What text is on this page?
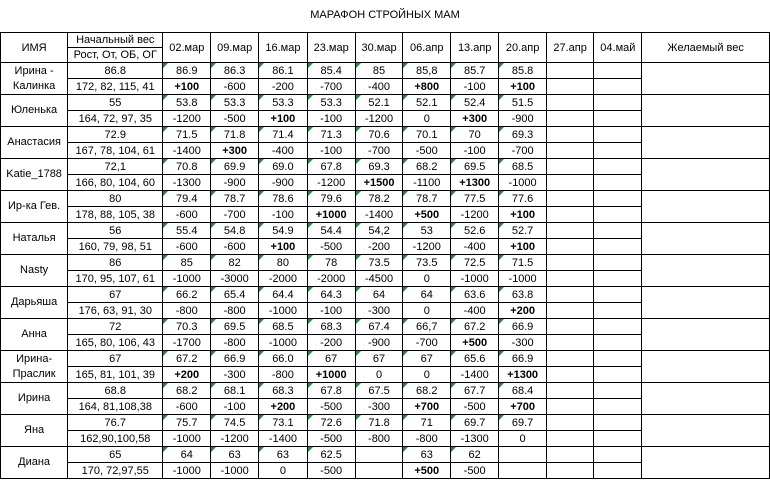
МАРАФОН СТРОЙНЫХ МАМ
ИМЯ	Начальный вес	02.мар	09.мар	16.мар	23.мар	30.мар	06.апр	13.апр	20.апр	27.апр	04.май	Желаемый вес
	Рост, От, ОБ, ОГ											
Ирина - Калинка	86.8	86.9	86.3	86.1	85.4	85	85,8	85.7	85.8			
	172, 82, 115, 41	+100	-600	-200	-700	-400	+800	-100	+100			
Юленька	55	53.8	53.3	53.3	53.3	52.1	52.1	52.4	51.5			
	164, 72, 97, 35	-1200	-500	+100	-100	-1200	0	+300	-900			
Анастасия	72.9	71.5	71.8	71.4	71.3	70.6	70.1	70	69.3			
	167, 78, 104, 61	-1400	+300	-400	-100	-700	-500	-100	-700			
Katie_1788	72,1	70.8	69.9	69.0	67.8	69.3	68.2	69.5	68.5			
	166, 80, 104, 60	-1300	-900	-900	-1200	+1500	-1100	+1300	-1000			
Ир-ка Гев.	80	79.4	78.7	78.6	79.6	78.2	78.7	77.5	77.6			
	178, 88, 105, 38	-600	-700	-100	+1000	-1400	+500	-1200	+100			
Наталья	56	55.4	54.8	54.9	54.4	54,2	53	52.6	52.7			
	160, 79, 98, 51	-600	-600	+100	-500	-200	-1200	-400	+100			
Nasty	86	85	82	80	78	73.5	73.5	72.5	71.5			
	170, 95, 107, 61	-1000	-3000	-2000	-2000	-4500	0	-1000	-1000			
Дарьяша	67	66.2	65.4	64.4	64.3	64	64	63.6	63.8			
	176, 63, 91, 30	-800	-800	-1000	-100	-300	0	-400	+200			
Анна	72	70.3	69.5	68.5	68.3	67.4	66,7	67.2	66.9			
	165, 80, 106, 43	-1700	-800	-1000	-200	-900	-700	+500	-300			
Ирина-Праслик	67	67.2	66.9	66.0	67	67	67	65.6	66.9			
	165, 81, 101, 39	+200	-300	-800	+1000	0	0	-1400	+1300			
Ирина	68.8	68.2	68.1	68.3	67.8	67.5	68.2	67.7	68.4			
	164, 81,108,38	-600	-100	+200	-500	-300	+700	-500	+700			
Яна	76.7	75.7	74.5	73.1	72.6	71.8	71	69.7	69.7			
	162,90,100,58	-1000	-1200	-1400	-500	-800	-800	-1300	0			
Диана	65	64	63	63	62.5		63	62				
	170, 72,97,55	-1000	-1000	0	-500		+500	-500				
